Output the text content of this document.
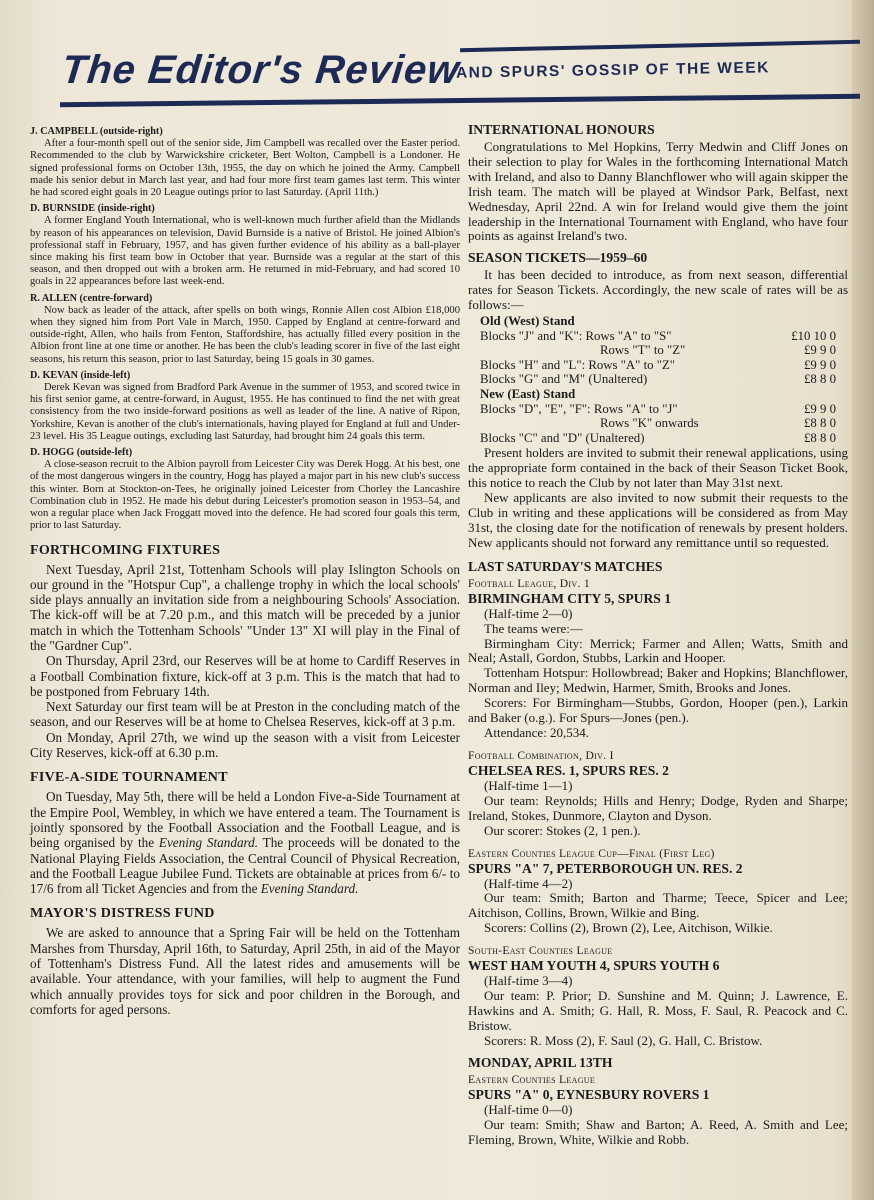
The Editor's Review
AND SPURS' GOSSIP OF THE WEEK

J. CAMPBELL (outside-right)
After a four-month spell out of the senior side, Jim Campbell was recalled over the Easter period. Recommended to the club by Warwickshire cricketer, Bert Wolton, Campbell is a Londoner. He signed professional forms on October 13th, 1955, the day on which he joined the Army. Campbell made his senior debut in March last year, and had four more first team games last term. This winter he had scored eight goals in 20 League outings prior to last Saturday. (April 11th.)

D. BURNSIDE (inside-right)
A former England Youth International, who is well-known much further afield than the Midlands by reason of his appearances on television, David Burnside is a native of Bristol. He joined Albion's professional staff in February, 1957, and has given further evidence of his ability as a ball-player since making his first team bow in October that year. Burnside was a regular at the start of this season, and then dropped out with a broken arm. He returned in mid-February, and had scored 10 goals in 22 appearances before last week-end.

R. ALLEN (centre-forward)
Now back as leader of the attack, after spells on both wings, Ronnie Allen cost Albion £18,000 when they signed him from Port Vale in March, 1950. Capped by England at centre-forward and outside-right, Allen, who hails from Fenton, Staffordshire, has actually filled every position in the Albion front line at one time or another. He has been the club's leading scorer in five of the last eight seasons, his return this season, prior to last Saturday, being 15 goals in 30 games.

D. KEVAN (inside-left)
Derek Kevan was signed from Bradford Park Avenue in the summer of 1953, and scored twice in his first senior game, at centre-forward, in August, 1955. He has continued to find the net with great consistency from the two inside-forward positions as well as leader of the line. A native of Ripon, Yorkshire, Kevan is another of the club's internationals, having played for England at full and Under-23 level. His 35 League outings, excluding last Saturday, had brought him 24 goals this term.

D. HOGG (outside-left)
A close-season recruit to the Albion payroll from Leicester City was Derek Hogg. At his best, one of the most dangerous wingers in the country, Hogg has played a major part in his new club's success this winter. Born at Stockton-on-Tees, he originally joined Leicester from Chorley the Lancashire Combination club in 1952. He made his debut during Leicester's promotion season in 1953–54, and won a regular place when Jack Froggatt moved into the defence. He had scored four goals this term, prior to last Saturday.

FORTHCOMING FIXTURES

Next Tuesday, April 21st, Tottenham Schools will play Islington Schools on our ground in the "Hotspur Cup", a challenge trophy in which the local schools' side plays annually an invitation side from a neighbouring Schools' Association. The kick-off will be at 7.20 p.m., and this match will be preceded by a junior match in which the Tottenham Schools' "Under 13" XI will play in the Final of the "Gardner Cup".

On Thursday, April 23rd, our Reserves will be at home to Cardiff Reserves in a Football Combination fixture, kick-off at 3 p.m. This is the match that had to be postponed from February 14th.

Next Saturday our first team will be at Preston in the concluding match of the season, and our Reserves will be at home to Chelsea Reserves, kick-off at 3 p.m.

On Monday, April 27th, we wind up the season with a visit from Leicester City Reserves, kick-off at 6.30 p.m.

FIVE-A-SIDE TOURNAMENT

On Tuesday, May 5th, there will be held a London Five-a-Side Tournament at the Empire Pool, Wembley, in which we have entered a team. The Tournament is jointly sponsored by the Football Association and the Football League, and is being organised by the Evening Standard. The proceeds will be donated to the National Playing Fields Association, the Central Council of Physical Recreation, and the Football League Jubilee Fund. Tickets are obtainable at prices from 6/- to 17/6 from all Ticket Agencies and from the Evening Standard.

MAYOR'S DISTRESS FUND

We are asked to announce that a Spring Fair will be held on the Tottenham Marshes from Thursday, April 16th, to Saturday, April 25th, in aid of the Mayor of Tottenham's Distress Fund. All the latest rides and amusements will be available. Your attendance, with your families, will help to augment the Fund which annually provides toys for sick and poor children in the Borough, and comforts for aged persons.

INTERNATIONAL HONOURS

Congratulations to Mel Hopkins, Terry Medwin and Cliff Jones on their selection to play for Wales in the forthcoming International Match with Ireland, and also to Danny Blanchflower who will again skipper the Irish team. The match will be played at Windsor Park, Belfast, next Wednesday, April 22nd. A win for Ireland would give them the joint leadership in the International Tournament with England, who have four points as against Ireland's two.

SEASON TICKETS—1959–60

It has been decided to introduce, as from next season, differential rates for Season Tickets. Accordingly, the new scale of rates will be as follows:—

Old (West) Stand	
Blocks "J" and "K": Rows "A" to "S"	£10 10 0
Rows "T" to "Z"	£9 9 0
Blocks "H" and "L": Rows "A" to "Z"	£9 9 0
Blocks "G" and "M" (Unaltered)	£8 8 0
New (East) Stand	
Blocks "D", "E", "F": Rows "A" to "J"	£9 9 0
Rows "K" onwards	£8 8 0
Blocks "C" and "D" (Unaltered)	£8 8 0

Present holders are invited to submit their renewal applications, using the appropriate form contained in the back of their Season Ticket Book, this notice to reach the Club by not later than May 31st next.

New applicants are also invited to now submit their requests to the Club in writing and these applications will be considered as from May 31st, the closing date for the notification of renewals by present holders. New applicants should not forward any remittance until so requested.

LAST SATURDAY'S MATCHES
Football League, Div. 1
BIRMINGHAM CITY 5, SPURS 1
(Half-time 2—0)
The teams were:—
Birmingham City: Merrick; Farmer and Allen; Watts, Smith and Neal; Astall, Gordon, Stubbs, Larkin and Hooper.
Tottenham Hotspur: Hollowbread; Baker and Hopkins; Blanchflower, Norman and Iley; Medwin, Harmer, Smith, Brooks and Jones.
Scorers: For Birmingham—Stubbs, Gordon, Hooper (pen.), Larkin and Baker (o.g.). For Spurs—Jones (pen.).
Attendance: 20,534.
Football Combination, Div. I
CHELSEA RES. 1, SPURS RES. 2
(Half-time 1—1)
Our team: Reynolds; Hills and Henry; Dodge, Ryden and Sharpe; Ireland, Stokes, Dunmore, Clayton and Dyson.
Our scorer: Stokes (2, 1 pen.).
Eastern Counties League Cup—Final (First Leg)
SPURS "A" 7, PETERBOROUGH UN. RES. 2
(Half-time 4—2)
Our team: Smith; Barton and Tharme; Teece, Spicer and Lee; Aitchison, Collins, Brown, Wilkie and Bing.
Scorers: Collins (2), Brown (2), Lee, Aitchison, Wilkie.
South-East Counties League
WEST HAM YOUTH 4, SPURS YOUTH 6
(Half-time 3—4)
Our team: P. Prior; D. Sunshine and M. Quinn; J. Lawrence, E. Hawkins and A. Smith; G. Hall, R. Moss, F. Saul, R. Peacock and C. Bristow.
Scorers: R. Moss (2), F. Saul (2), G. Hall, C. Bristow.
MONDAY, APRIL 13TH
Eastern Counties League
SPURS "A" 0, EYNESBURY ROVERS 1
(Half-time 0—0)
Our team: Smith; Shaw and Barton; A. Reed, A. Smith and Lee; Fleming, Brown, White, Wilkie and Robb.
